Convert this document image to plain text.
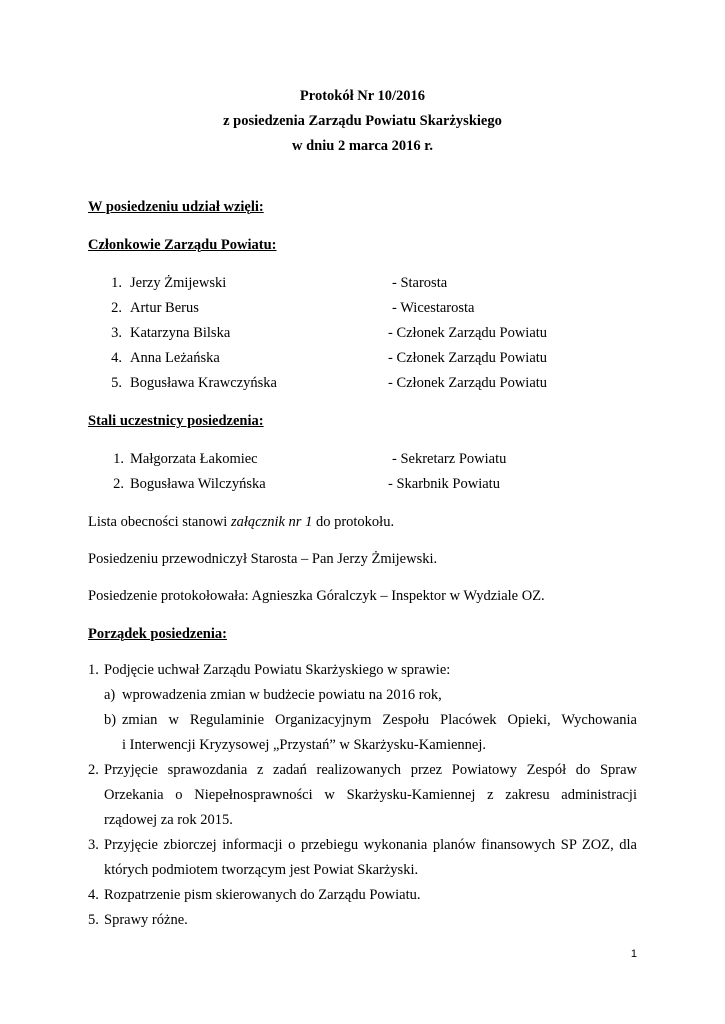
Protokół Nr 10/2016
z posiedzenia Zarządu Powiatu Skarżyskiego
w dniu 2 marca 2016 r.
W posiedzeniu udział wzięli:
Członkowie Zarządu Powiatu:
1. Jerzy Żmijewski	- Starosta
2. Artur Berus	- Wicestarosta
3. Katarzyna Bilska	- Członek Zarządu Powiatu
4. Anna Leżańska	- Członek Zarządu Powiatu
5. Bogusława Krawczyńska	- Członek Zarządu Powiatu
Stali uczestnicy posiedzenia:
1. Małgorzata Łakomiec	- Sekretarz Powiatu
2. Bogusława Wilczyńska	- Skarbnik Powiatu
Lista obecności stanowi załącznik nr 1 do protokołu.
Posiedzeniu przewodniczył Starosta – Pan Jerzy Żmijewski.
Posiedzenie protokołowała: Agnieszka Góralczyk – Inspektor w Wydziale OZ.
Porządek posiedzenia:
1. Podjęcie uchwał Zarządu Powiatu Skarżyskiego w sprawie:
a) wprowadzenia zmian w budżecie powiatu na 2016 rok,
b) zmian w Regulaminie Organizacyjnym Zespołu Placówek Opieki, Wychowania
i Interwencji Kryzysowej „Przystań” w Skarżysku-Kamiennej.
2. Przyjęcie sprawozdania z zadań realizowanych przez Powiatowy Zespół do Spraw
Orzekania o Niepełnosprawności w Skarżysku-Kamiennej z zakresu administracji
rządowej za rok 2015.
3. Przyjęcie zbiorczej informacji o przebiegu wykonania planów finansowych SP ZOZ, dla
których podmiotem tworzącym jest Powiat Skarżyski.
4. Rozpatrzenie pism skierowanych do Zarządu Powiatu.
5. Sprawy różne.
1
